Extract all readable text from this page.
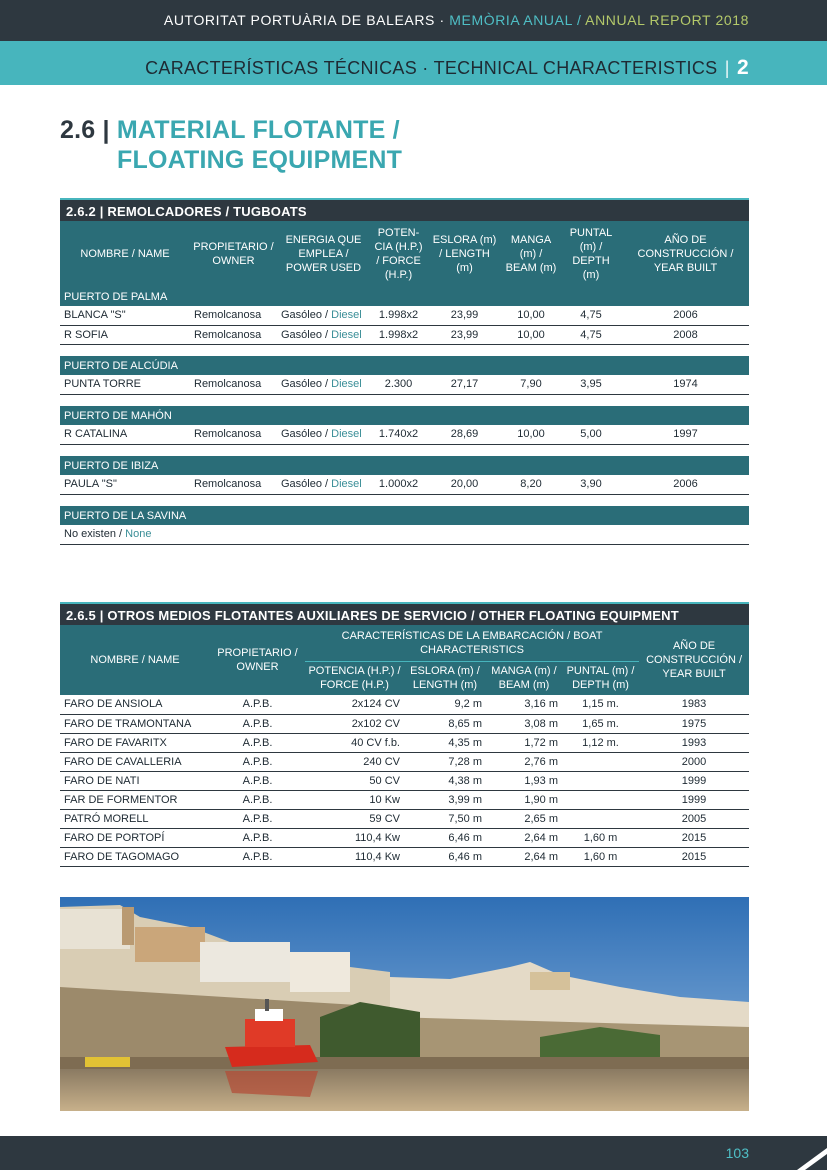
AUTORITAT PORTUÀRIA DE BALEARS · MEMÒRIA ANUAL / ANNUAL REPORT 2018
CARACTERÍSTICAS TÉCNICAS · TECHNICAL CHARACTERISTICS | 2
2.6 | MATERIAL FLOTANTE /
FLOATING EQUIPMENT
2.6.2 | REMOLCADORES / TUGBOATS
NOMBRE / NAME	PROPIETARIO / OWNER	ENERGIA QUE EMPLEA / POWER USED	POTEN-CIA (H.P.) / FORCE (H.P.)	ESLORA (m) / LENGTH (m)	MANGA (m) / BEAM (m)	PUNTAL (m) / DEPTH (m)	AÑO DE CONSTRUCCIÓN / YEAR BUILT
PUERTO DE PALMA							
BLANCA "S"	Remolcanosa	Gasóleo / Diesel	1.998x2	23,99	10,00	4,75	2006
R SOFIA	Remolcanosa	Gasóleo / Diesel	1.998x2	23,99	10,00	4,75	2008

PUERTO DE ALCÚDIA							
PUNTA TORRE	Remolcanosa	Gasóleo / Diesel	2.300	27,17	7,90	3,95	1974

PUERTO DE MAHÓN							
R CATALINA	Remolcanosa	Gasóleo / Diesel	1.740x2	28,69	10,00	5,00	1997

PUERTO DE IBIZA							
PAULA "S"	Remolcanosa	Gasóleo / Diesel	1.000x2	20,00	8,20	3,90	2006

PUERTO DE LA SAVINA							
No existen / None							
2.6.5 | OTROS MEDIOS FLOTANTES AUXILIARES DE SERVICIO / OTHER FLOATING EQUIPMENT
NOMBRE / NAME	PROPIETARIO / OWNER	CARACTERÍSTICAS DE LA EMBARCACIÓN / BOAT CHARACTERISTICS				AÑO DE CONSTRUCCIÓN / YEAR BUILT
		POTENCIA (H.P.) / FORCE (H.P.)	ESLORA (m) / LENGTH (m)	MANGA (m) / BEAM (m)	PUNTAL (m) / DEPTH (m)	
FARO DE ANSIOLA	A.P.B.	2x124 CV	9,2 m	3,16 m	1,15 m.	1983
FARO DE TRAMONTANA	A.P.B.	2x102 CV	8,65 m	3,08 m	1,65 m.	1975
FARO DE FAVARITX	A.P.B.	40 CV f.b.	4,35 m	1,72 m	1,12 m.	1993
FARO DE CAVALLERIA	A.P.B.	240 CV	7,28 m	2,76 m		2000
FARO DE NATI	A.P.B.	50 CV	4,38 m	1,93 m		1999
FAR DE FORMENTOR	A.P.B.	10 Kw	3,99 m	1,90 m		1999
PATRÓ MORELL	A.P.B.	59 CV	7,50 m	2,65 m		2005
FARO DE PORTOPÍ	A.P.B.	110,4 Kw	6,46 m	2,64 m	1,60 m	2015
FARO DE TAGOMAGO	A.P.B.	110,4 Kw	6,46 m	2,64 m	1,60 m	2015
103
